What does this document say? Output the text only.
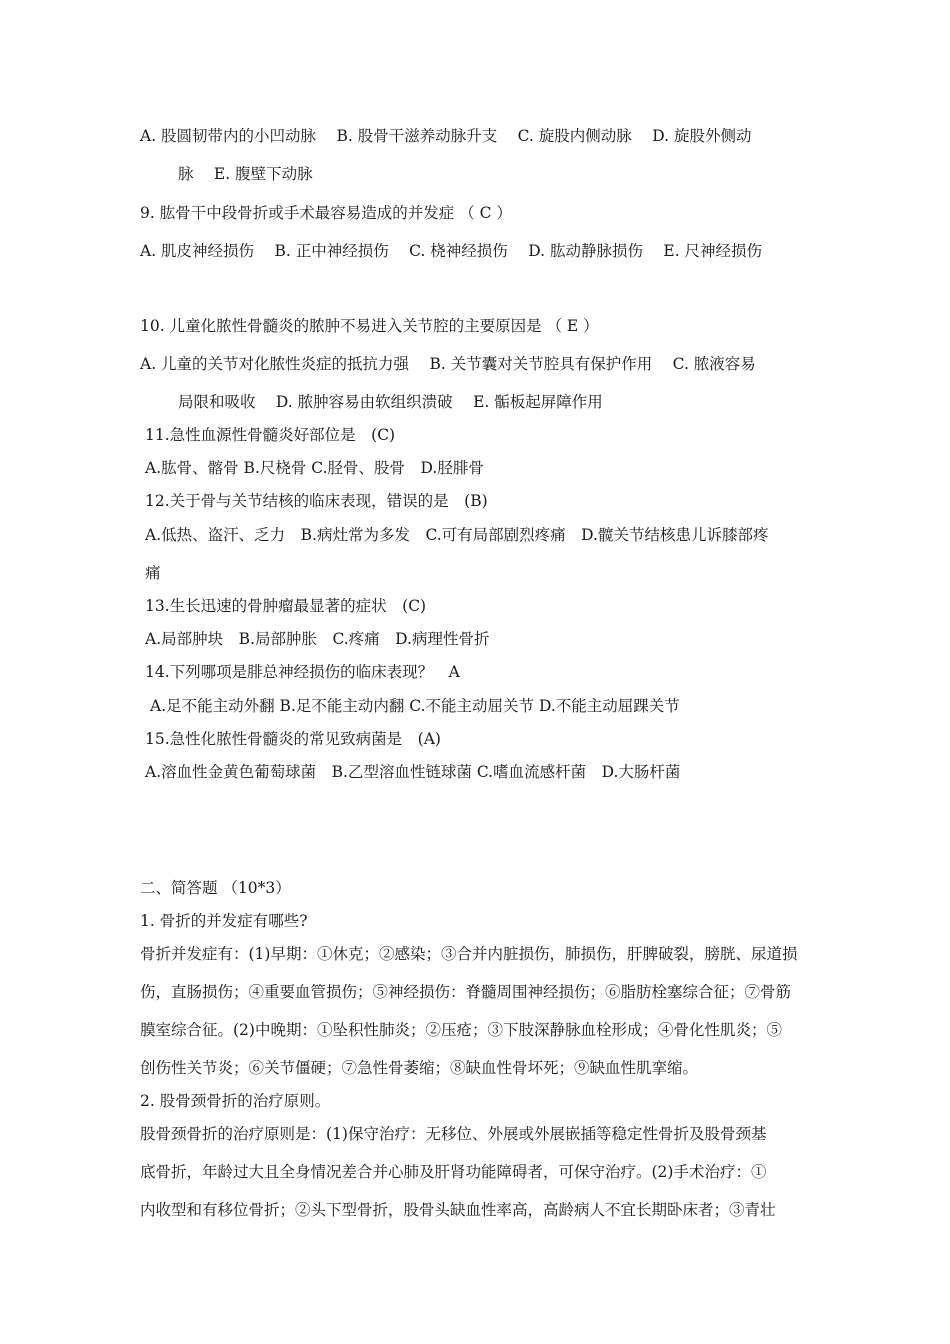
A. 股圆韧带内的小凹动脉　 B. 股骨干滋养动脉升支　 C. 旋股内侧动脉　 D. 旋股外侧动
脉　 E. 腹壁下动脉
9. 肱骨干中段骨折或手术最容易造成的并发症 （ C ）
A. 肌皮神经损伤　 B. 正中神经损伤　 C. 桡神经损伤　 D. 肱动静脉损伤　 E. 尺神经损伤
10. 儿童化脓性骨髓炎的脓肿不易进入关节腔的主要原因是 （ E ）
A. 儿童的关节对化脓性炎症的抵抗力强　 B. 关节囊对关节腔具有保护作用　 C. 脓液容易
局限和吸收　 D. 脓肿容易由软组织溃破　 E. 骺板起屏障作用
11.急性血源性骨髓炎好部位是　(C)
A.肱骨、髂骨 B.尺桡骨 C.胫骨、股骨　D.胫腓骨
12.关于骨与关节结核的临床表现，错误的是　(B)
A.低热、盗汗、乏力　B.病灶常为多发　C.可有局部剧烈疼痛　D.髋关节结核患儿诉膝部疼
痛
13.生长迅速的骨肿瘤最显著的症状　(C)
A.局部肿块　B.局部肿胀　C.疼痛　D.病理性骨折
14.下列哪项是腓总神经损伤的临床表现？　A
A.足不能主动外翻 B.足不能主动内翻 C.不能主动屈关节 D.不能主动屈踝关节
15.急性化脓性骨髓炎的常见致病菌是　(A)
A.溶血性金黄色葡萄球菌　B.乙型溶血性链球菌 C.嗜血流感杆菌　D.大肠杆菌
二、简答题 （10*3）
1. 骨折的并发症有哪些?
骨折并发症有：(1)早期：①休克；②感染；③合并内脏损伤，肺损伤，肝脾破裂，膀胱、尿道损
伤，直肠损伤；④重要血管损伤；⑤神经损伤：脊髓周围神经损伤；⑥脂肪栓塞综合征；⑦骨筋
膜室综合征。(2)中晚期：①坠积性肺炎；②压疮；③下肢深静脉血栓形成；④骨化性肌炎；⑤
创伤性关节炎；⑥关节僵硬；⑦急性骨萎缩；⑧缺血性骨坏死；⑨缺血性肌挛缩。
2. 股骨颈骨折的治疗原则。
股骨颈骨折的治疗原则是：(1)保守治疗：无移位、外展或外展嵌插等稳定性骨折及股骨颈基
底骨折，年龄过大且全身情况差合并心肺及肝肾功能障碍者，可保守治疗。(2)手术治疗：①
内收型和有移位骨折；②头下型骨折，股骨头缺血性率高，高龄病人不宜长期卧床者；③青壮
